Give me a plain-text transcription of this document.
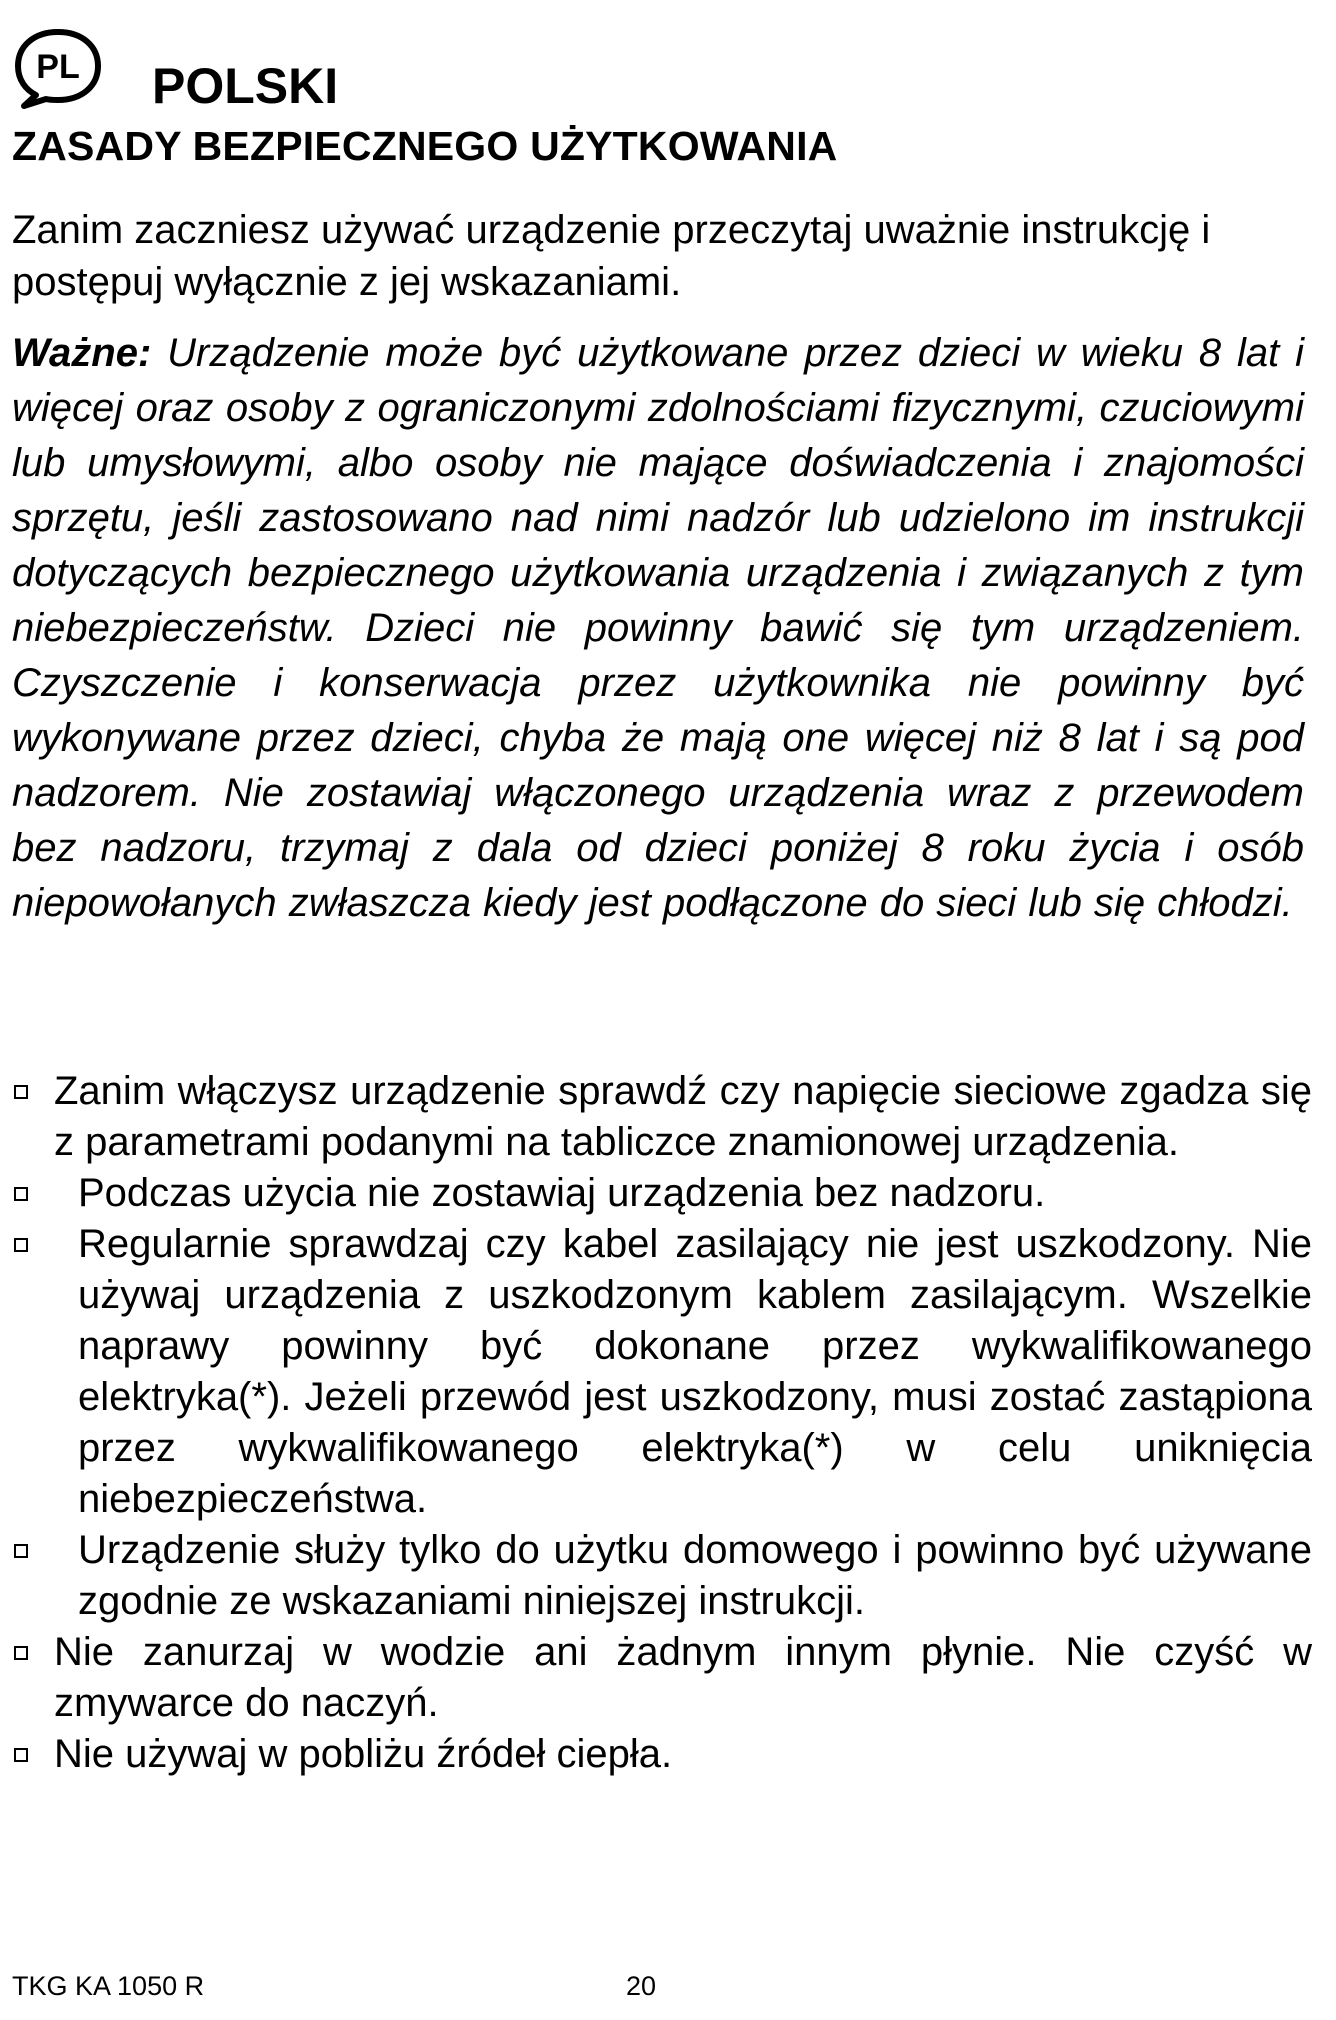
PL POLSKI
ZASADY BEZPIECZNEGO UŻYTKOWANIA

Zanim zaczniesz używać urządzenie przeczytaj uważnie instrukcję i postępuj wyłącznie z jej wskazaniami.

Ważne: Urządzenie może być użytkowane przez dzieci w wieku 8 lat i więcej oraz osoby z ograniczonymi zdolnościami fizycznymi, czuciowymi lub umysłowymi, albo osoby nie mające doświadczenia i znajomości sprzętu, jeśli zastosowano nad nimi nadzór lub udzielono im instrukcji dotyczących bezpiecznego użytkowania urządzenia i związanych z tym niebezpieczeństw. Dzieci nie powinny bawić się tym urządzeniem. Czyszczenie i konserwacja przez użytkownika nie powinny być wykonywane przez dzieci, chyba że mają one więcej niż 8 lat i są pod nadzorem. Nie zostawiaj włączonego urządzenia wraz z przewodem bez nadzoru, trzymaj z dala od dzieci poniżej 8 roku życia i osób niepowołanych zwłaszcza kiedy jest podłączone do sieci lub się chłodzi.

Zanim włączysz urządzenie sprawdź czy napięcie sieciowe zgadza się z parametrami podanymi na tabliczce znamionowej urządzenia.
Podczas użycia nie zostawiaj urządzenia bez nadzoru.
Regularnie sprawdzaj czy kabel zasilający nie jest uszkodzony. Nie używaj urządzenia z uszkodzonym kablem zasilającym. Wszelkie naprawy powinny być dokonane przez wykwalifikowanego elektryka(*). Jeżeli przewód jest uszkodzony, musi zostać zastąpiona przez wykwalifikowanego elektryka(*) w celu uniknięcia niebezpieczeństwa.
Urządzenie służy tylko do użytku domowego i powinno być używane zgodnie ze wskazaniami niniejszej instrukcji.
Nie zanurzaj w wodzie ani żadnym innym płynie. Nie czyść w zmywarce do naczyń.
Nie używaj w pobliżu źródeł ciepła.
TKG KA 1050 R	20
